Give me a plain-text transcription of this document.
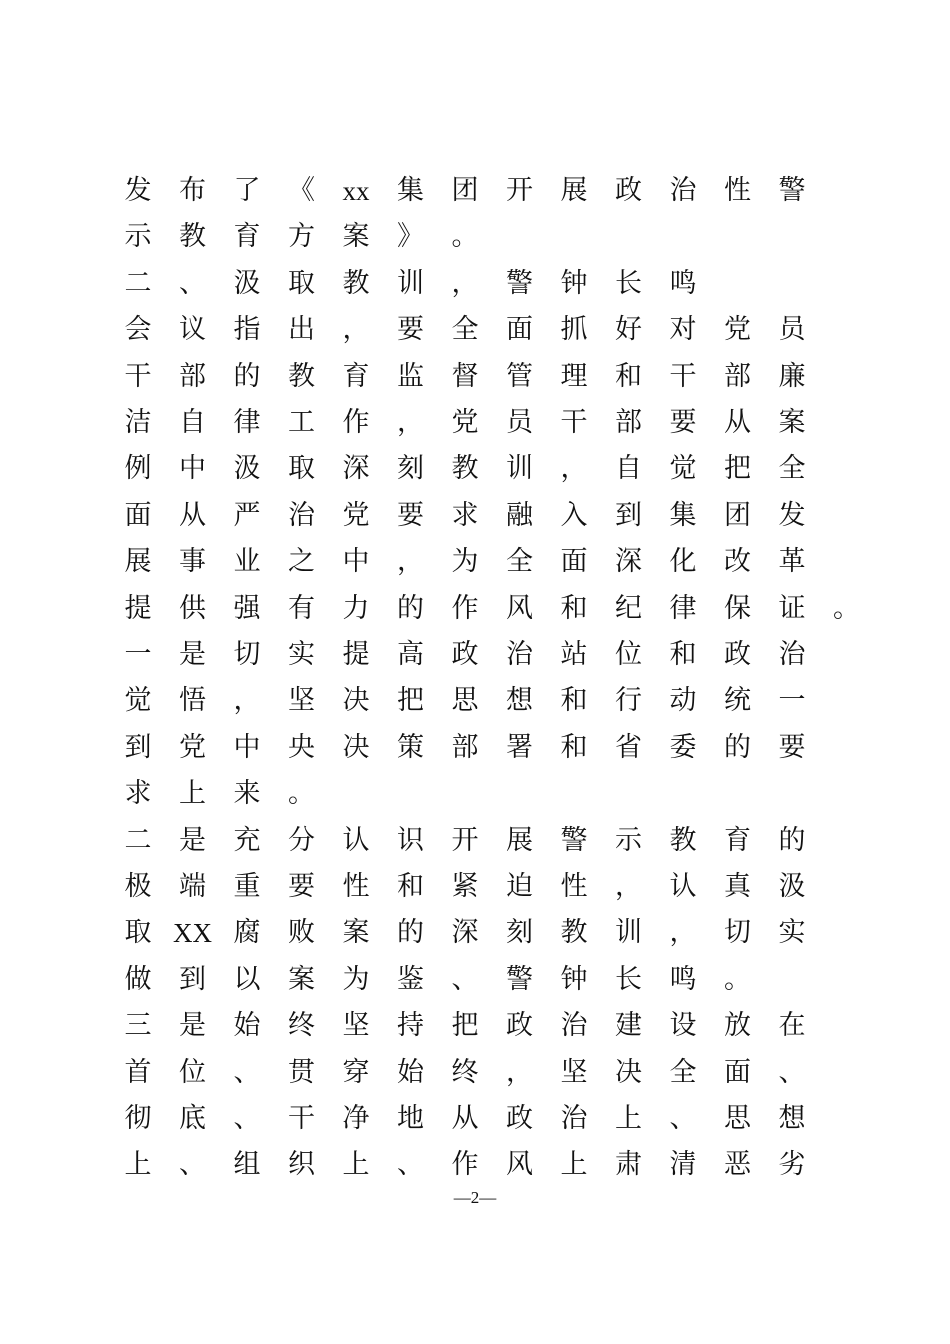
发	布	了	《	xx	集	团	开	展	政	治	性	警
示	教	育	方	案	》	。
二	、	汲	取	教	训	，	警	钟	长	鸣
会	议	指	出	，	要	全	面	抓	好	对	党	员
干	部	的	教	育	监	督	管	理	和	干	部	廉
洁	自	律	工	作	，	党	员	干	部	要	从	案
例	中	汲	取	深	刻	教	训	，	自	觉	把	全
面	从	严	治	党	要	求	融	入	到	集	团	发
展	事	业	之	中	，	为	全	面	深	化	改	革
提	供	强	有	力	的	作	风	和	纪	律	保	证	。
一	是	切	实	提	高	政	治	站	位	和	政	治
觉	悟	，	坚	决	把	思	想	和	行	动	统	一
到	党	中	央	决	策	部	署	和	省	委	的	要
求	上	来	。
二	是	充	分	认	识	开	展	警	示	教	育	的
极	端	重	要	性	和	紧	迫	性	，	认	真	汲
取 XX 腐	败	案	的	深	刻	教	训	，	切	实
做	到	以	案	为	鉴	、	警	钟	长	鸣	。
三	是	始	终	坚	持	把	政	治	建	设	放	在
首	位	、	贯	穿	始	终	，	坚	决	全	面	、
彻	底	、	干	净	地	从	政	治	上	、	思	想
上	、	组	织	上	、	作	风	上	肃	清	恶	劣
—2—
